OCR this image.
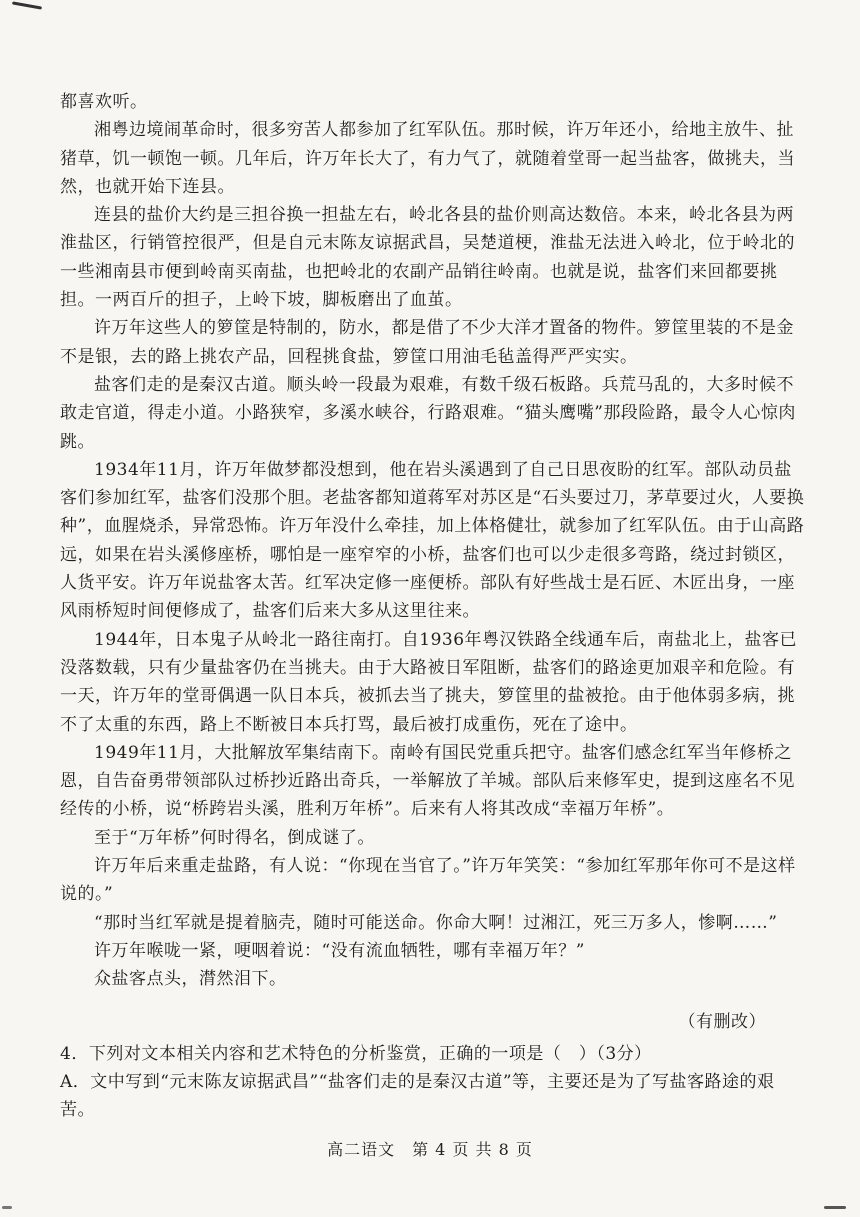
都喜欢听。

湘粤边境闹革命时，很多穷苦人都参加了红军队伍。那时候，许万年还小，给地主放牛、扯猪草，饥一顿饱一顿。几年后，许万年长大了，有力气了，就随着堂哥一起当盐客，做挑夫，当然，也就开始下连县。

连县的盐价大约是三担谷换一担盐左右，岭北各县的盐价则高达数倍。本来，岭北各县为两淮盐区，行销管控很严，但是自元末陈友谅据武昌，吴楚道梗，淮盐无法进入岭北，位于岭北的一些湘南县市便到岭南买南盐，也把岭北的农副产品销往岭南。也就是说，盐客们来回都要挑担。一两百斤的担子，上岭下坡，脚板磨出了血茧。

许万年这些人的箩筐是特制的，防水，都是借了不少大洋才置备的物件。箩筐里装的不是金不是银，去的路上挑农产品，回程挑食盐，箩筐口用油毛毡盖得严严实实。

盐客们走的是秦汉古道。顺头岭一段最为艰难，有数千级石板路。兵荒马乱的，大多时候不敢走官道，得走小道。小路狭窄，多溪水峡谷，行路艰难。“猫头鹰嘴”那段险路，最令人心惊肉跳。

1934年11月，许万年做梦都没想到，他在岩头溪遇到了自己日思夜盼的红军。部队动员盐客们参加红军，盐客们没那个胆。老盐客都知道蒋军对苏区是“石头要过刀，茅草要过火，人要换种”，血腥烧杀，异常恐怖。许万年没什么牵挂，加上体格健壮，就参加了红军队伍。由于山高路远，如果在岩头溪修座桥，哪怕是一座窄窄的小桥，盐客们也可以少走很多弯路，绕过封锁区，人货平安。许万年说盐客太苦。红军决定修一座便桥。部队有好些战士是石匠、木匠出身，一座风雨桥短时间便修成了，盐客们后来大多从这里往来。

1944年，日本鬼子从岭北一路往南打。自1936年粤汉铁路全线通车后，南盐北上，盐客已没落数载，只有少量盐客仍在当挑夫。由于大路被日军阻断，盐客们的路途更加艰辛和危险。有一天，许万年的堂哥偶遇一队日本兵，被抓去当了挑夫，箩筐里的盐被抢。由于他体弱多病，挑不了太重的东西，路上不断被日本兵打骂，最后被打成重伤，死在了途中。

1949年11月，大批解放军集结南下。南岭有国民党重兵把守。盐客们感念红军当年修桥之恩，自告奋勇带领部队过桥抄近路出奇兵，一举解放了羊城。部队后来修军史，提到这座名不见经传的小桥，说“桥跨岩头溪，胜利万年桥”。后来有人将其改成“幸福万年桥”。

至于“万年桥”何时得名，倒成谜了。

许万年后来重走盐路，有人说：“你现在当官了。”许万年笑笑：“参加红军那年你可不是这样说的。”

“那时当红军就是提着脑壳，随时可能送命。你命大啊！过湘江，死三万多人，惨啊……”

许万年喉咙一紧，哽咽着说：“没有流血牺牲，哪有幸福万年？”

众盐客点头，潸然泪下。

（有删改）

4．下列对文本相关内容和艺术特色的分析鉴赏，正确的一项是（　）（3分）

A．文中写到“元末陈友谅据武昌”“盐客们走的是秦汉古道”等，主要还是为了写盐客路途的艰苦。

高二语文　第 4 页 共 8 页
